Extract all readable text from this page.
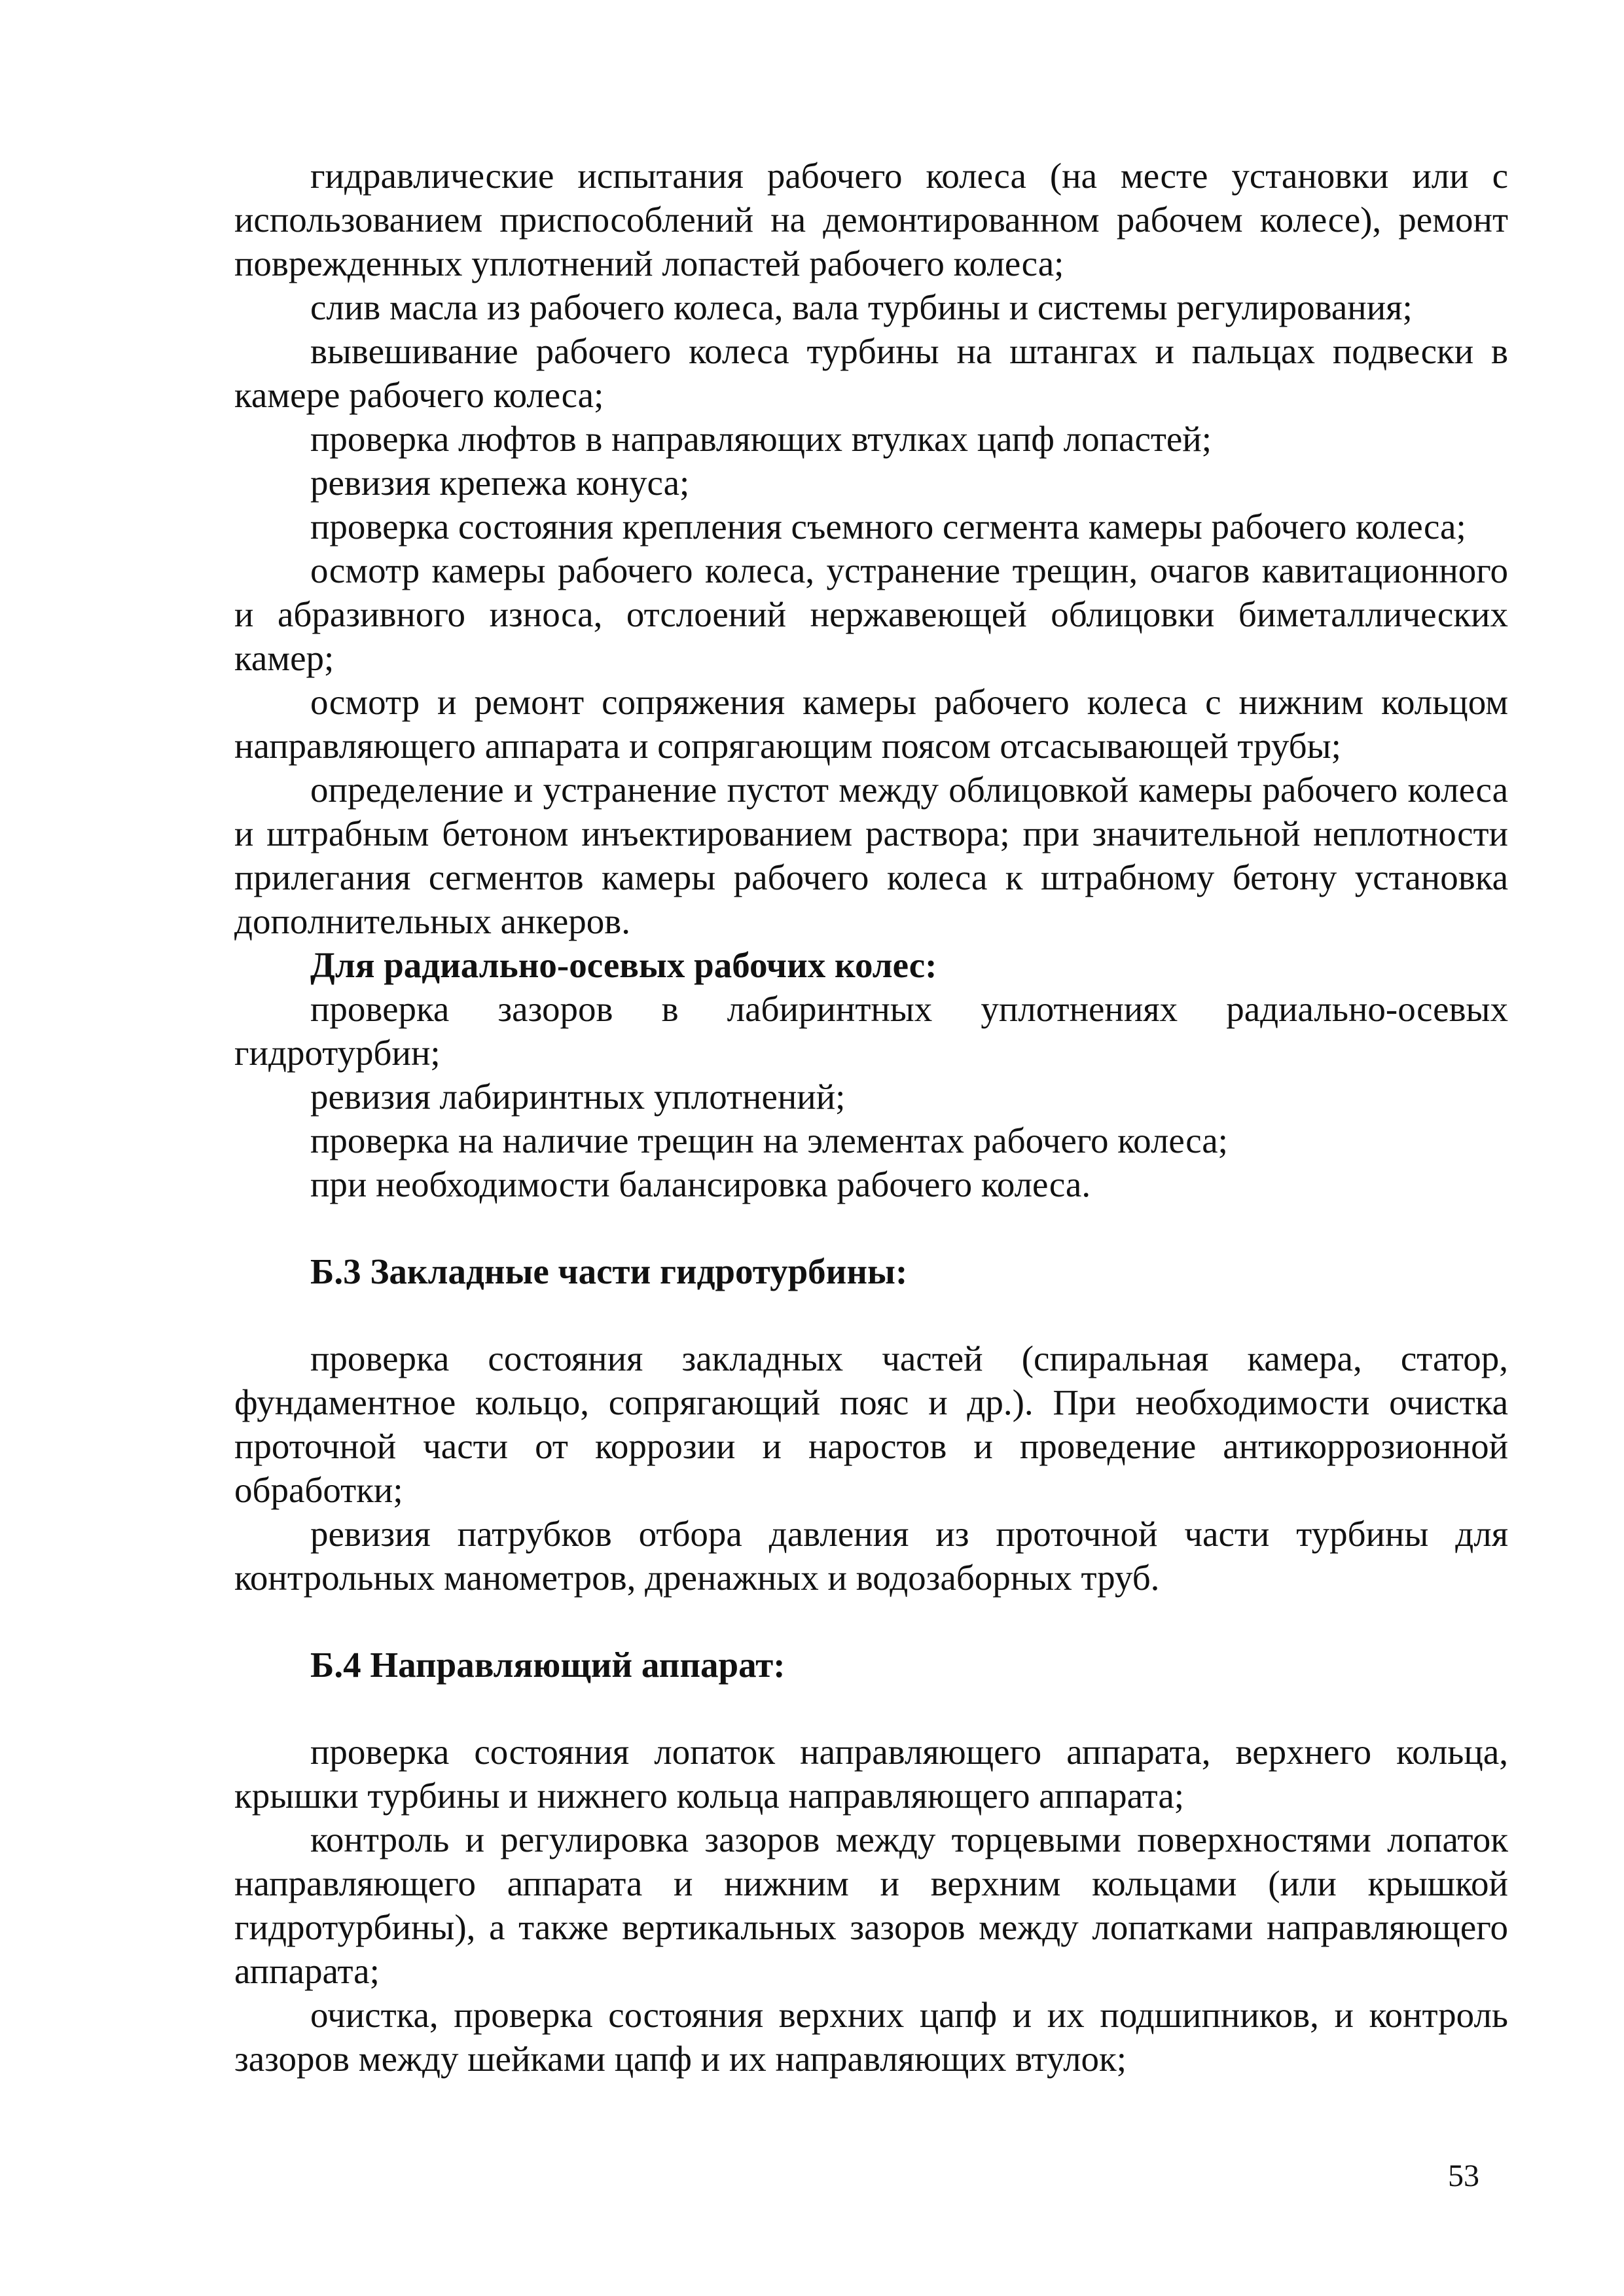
гидравлические испытания рабочего колеса (на месте установки или с использованием приспособлений на демонтированном рабочем колесе), ремонт поврежденных уплотнений лопастей рабочего колеса;

слив масла из рабочего колеса, вала турбины и системы регулирования;

вывешивание рабочего колеса турбины на штангах и пальцах подвески в камере рабочего колеса;

проверка люфтов в направляющих втулках цапф лопастей;

ревизия крепежа конуса;

проверка состояния крепления съемного сегмента камеры рабочего колеса;

осмотр камеры рабочего колеса, устранение трещин, очагов кавитационного и абразивного износа, отслоений нержавеющей облицовки биметаллических камер;

осмотр и ремонт сопряжения камеры рабочего колеса с нижним кольцом направляющего аппарата и сопрягающим поясом отсасывающей трубы;

определение и устранение пустот между облицовкой камеры рабочего колеса и штрабным бетоном инъектированием раствора; при значительной неплотности прилегания сегментов камеры рабочего колеса к штрабному бетону установка дополнительных анкеров.

Для радиально-осевых рабочих колес:

проверка зазоров в лабиринтных уплотнениях радиально-осевых гидротурбин;

ревизия лабиринтных уплотнений;

проверка на наличие трещин на элементах рабочего колеса;

при необходимости балансировка рабочего колеса.

Б.3 Закладные части гидротурбины:

проверка состояния закладных частей (спиральная камера, статор, фундаментное кольцо, сопрягающий пояс и др.). При необходимости очистка проточной части от коррозии и наростов и проведение антикоррозионной обработки;

ревизия патрубков отбора давления из проточной части турбины для контрольных манометров, дренажных и водозаборных труб.

Б.4 Направляющий аппарат:

проверка состояния лопаток направляющего аппарата, верхнего кольца, крышки турбины и нижнего кольца направляющего аппарата;

контроль и регулировка зазоров между торцевыми поверхностями лопаток направляющего аппарата и нижним и верхним кольцами (или крышкой гидротурбины), а также вертикальных зазоров между лопатками направляющего аппарата;

очистка, проверка состояния верхних цапф и их подшипников, и контроль зазоров между шейками цапф и их направляющих втулок;

53
